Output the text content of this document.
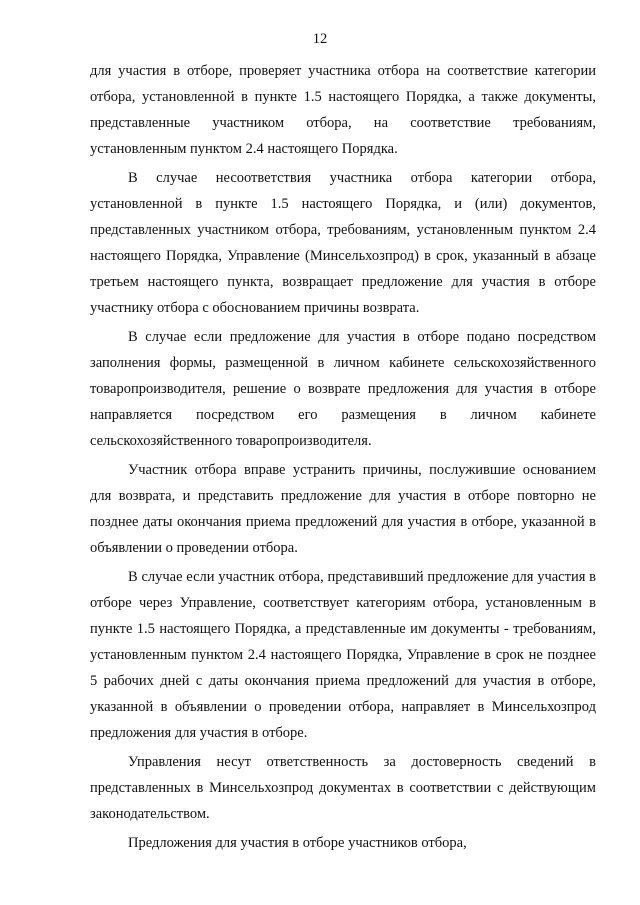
12

для участия в отборе, проверяет участника отбора на соответствие категории отбора, установленной в пункте 1.5 настоящего Порядка, а также документы, представленные участником отбора, на соответствие требованиям, установленным пунктом 2.4 настоящего Порядка.

В случае несоответствия участника отбора категории отбора, установленной в пункте 1.5 настоящего Порядка, и (или) документов, представленных участником отбора, требованиям, установленным пунктом 2.4 настоящего Порядка, Управление (Минсельхозпрод) в срок, указанный в абзаце третьем настоящего пункта, возвращает предложение для участия в отборе участнику отбора с обоснованием причины возврата.

В случае если предложение для участия в отборе подано посредством заполнения формы, размещенной в личном кабинете сельскохозяйственного товаропроизводителя, решение о возврате предложения для участия в отборе направляется посредством его размещения в личном кабинете сельскохозяйственного товаропроизводителя.

Участник отбора вправе устранить причины, послужившие основанием для возврата, и представить предложение для участия в отборе повторно не позднее даты окончания приема предложений для участия в отборе, указанной в объявлении о проведении отбора.

В случае если участник отбора, представивший предложение для участия в отборе через Управление, соответствует категориям отбора, установленным в пункте 1.5 настоящего Порядка, а представленные им документы - требованиям, установленным пунктом 2.4 настоящего Порядка, Управление в срок не позднее 5 рабочих дней с даты окончания приема предложений для участия в отборе, указанной в объявлении о проведении отбора, направляет в Минсельхозпрод предложения для участия в отборе.

Управления несут ответственность за достоверность сведений в представленных в Минсельхозпрод документах в соответствии с действующим законодательством.

Предложения для участия в отборе участников отбора,
